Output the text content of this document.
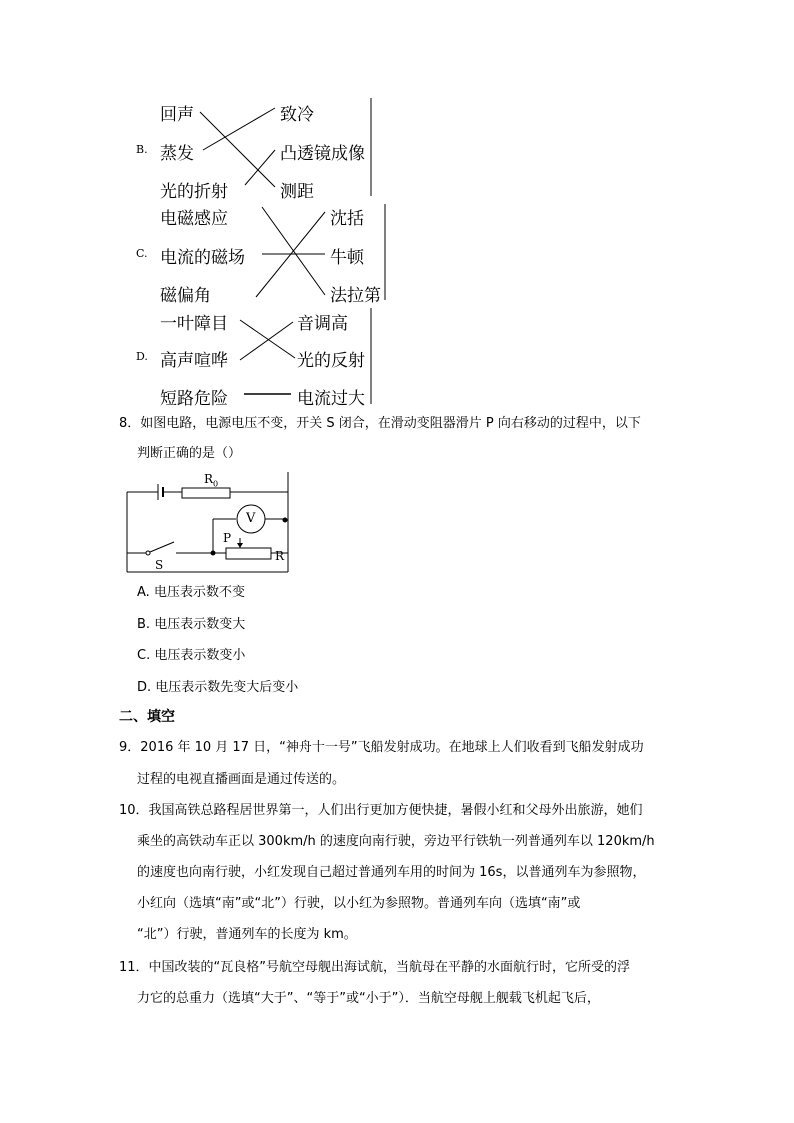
B.
回声
蒸发
光的折射
致冷
凸透镜成像
测距
C.
电磁感应
电流的磁场
磁偏角
沈括
牛顿
法拉第
D.
一叶障目
高声喧哗
短路危险
音调高
光的反射
电流过大
8．如图电路，电源电压不变，开关 S 闭合，在滑动变阻器滑片 P 向右移动的过程中，以下
判断正确的是（）
$R_0$
V
P
R
S
A. 电压表示数不变
B. 电压表示数变大
C. 电压表示数变小
D. 电压表示数先变大后变小
二、填空
9．2016 年 10 月 17 日，“神舟十一号”飞船发射成功。在地球上人们收看到飞船发射成功
过程的电视直播画面是通过传送的。
10．我国高铁总路程居世界第一，人们出行更加方便快捷，暑假小红和父母外出旅游，她们
乘坐的高铁动车正以 300km/h 的速度向南行驶，旁边平行铁轨一列普通列车以 120km/h
的速度也向南行驶，小红发现自己超过普通列车用的时间为 16s，以普通列车为参照物，
小红向（选填“南”或“北”）行驶，以小红为参照物。普通列车向（选填“南”或
“北”）行驶，普通列车的长度为 km。
11．中国改装的“瓦良格”号航空母舰出海试航，当航母在平静的水面航行时，它所受的浮
力它的总重力（选填“大于”、“等于”或“小于”）．当航空母舰上舰载飞机起飞后，
